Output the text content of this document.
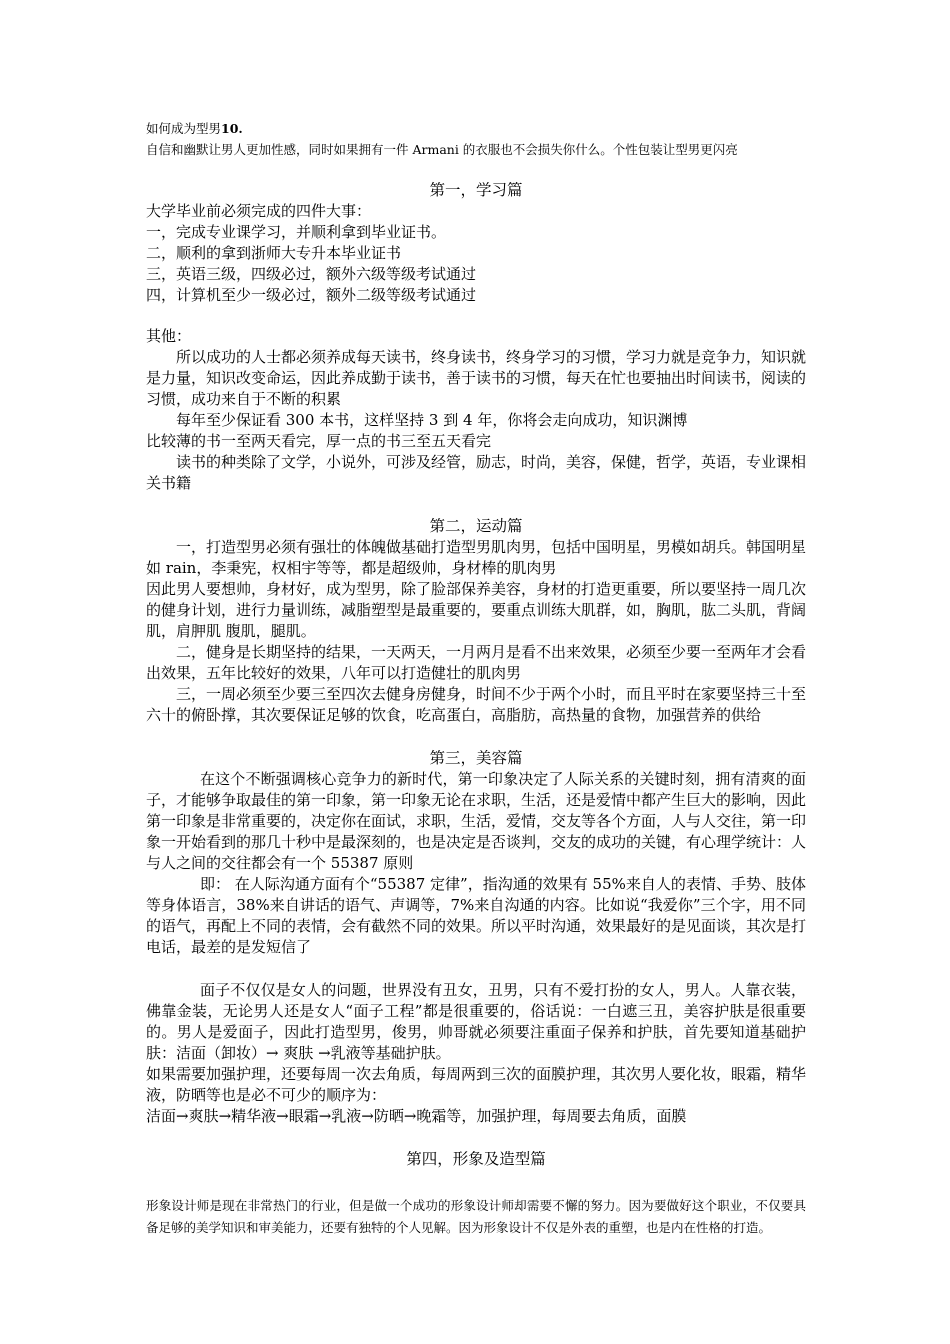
如何成为型男10.

自信和幽默让男人更加性感，同时如果拥有一件 Armani 的衣服也不会损失你什么。个性包装让型男更闪亮

第一，学习篇

大学毕业前必须完成的四件大事：

一，完成专业课学习，并顺利拿到毕业证书。

二，顺利的拿到浙师大专升本毕业证书

三，英语三级，四级必过，额外六级等级考试通过

四，计算机至少一级必过，额外二级等级考试通过

其他：

所以成功的人士都必须养成每天读书，终身读书，终身学习的习惯，学习力就是竞争力，知识就是力量，知识改变命运，因此养成勤于读书，善于读书的习惯，每天在忙也要抽出时间读书，阅读的习惯，成功来自于不断的积累

每年至少保证看 300 本书，这样坚持 3 到 4 年，你将会走向成功，知识渊博

比较薄的书一至两天看完，厚一点的书三至五天看完

读书的种类除了文学，小说外，可涉及经管，励志，时尚，美容，保健，哲学，英语，专业课相关书籍

第二，运动篇

一，打造型男必须有强壮的体魄做基础打造型男肌肉男，包括中国明星，男模如胡兵。韩国明星如 rain，李秉宪，权相宇等等，都是超级帅，身材棒的肌肉男

因此男人要想帅，身材好，成为型男，除了脸部保养美容，身材的打造更重要，所以要坚持一周几次的健身计划，进行力量训练，减脂塑型是最重要的，要重点训练大肌群，如，胸肌，肱二头肌，背阔肌，肩胛肌 腹肌，腿肌。

二，健身是长期坚持的结果，一天两天，一月两月是看不出来效果，必须至少要一至两年才会看出效果，五年比较好的效果，八年可以打造健壮的肌肉男

三，一周必须至少要三至四次去健身房健身，时间不少于两个小时，而且平时在家要坚持三十至六十的俯卧撑，其次要保证足够的饮食，吃高蛋白，高脂肪，高热量的食物，加强营养的供给

第三，美容篇

在这个不断强调核心竞争力的新时代，第一印象决定了人际关系的关键时刻，拥有清爽的面子，才能够争取最佳的第一印象，第一印象无论在求职，生活，还是爱情中都产生巨大的影响，因此第一印象是非常重要的，决定你在面试，求职，生活，爱情，交友等各个方面，人与人交往，第一印象一开始看到的那几十秒中是最深刻的，也是决定是否谈判，交友的成功的关键，有心理学统计：人与人之间的交往都会有一个 55387 原则

即： 在人际沟通方面有个“55387 定律”，指沟通的效果有 55%来自人的表情、手势、肢体等身体语言，38%来自讲话的语气、声调等，7%来自沟通的内容。比如说“我爱你”三个字，用不同的语气，再配上不同的表情，会有截然不同的效果。所以平时沟通，效果最好的是见面谈，其次是打电话，最差的是发短信了

面子不仅仅是女人的问题，世界没有丑女，丑男，只有不爱打扮的女人，男人。人靠衣装，佛靠金装，无论男人还是女人“面子工程”都是很重要的，俗话说：一白遮三丑，美容护肤是很重要的。男人是爱面子，因此打造型男，俊男，帅哥就必须要注重面子保养和护肤，首先要知道基础护肤：洁面（卸妆）→ 爽肤 →乳液等基础护肤。

如果需要加强护理，还要每周一次去角质，每周两到三次的面膜护理，其次男人要化妆，眼霜，精华液，防晒等也是必不可少的顺序为：

洁面→爽肤→精华液→眼霜→乳液→防晒→晚霜等，加强护理，每周要去角质，面膜

第四，形象及造型篇

形象设计师是现在非常热门的行业，但是做一个成功的形象设计师却需要不懈的努力。因为要做好这个职业，不仅要具备足够的美学知识和审美能力，还要有独特的个人见解。因为形象设计不仅是外表的重塑，也是内在性格的打造。
